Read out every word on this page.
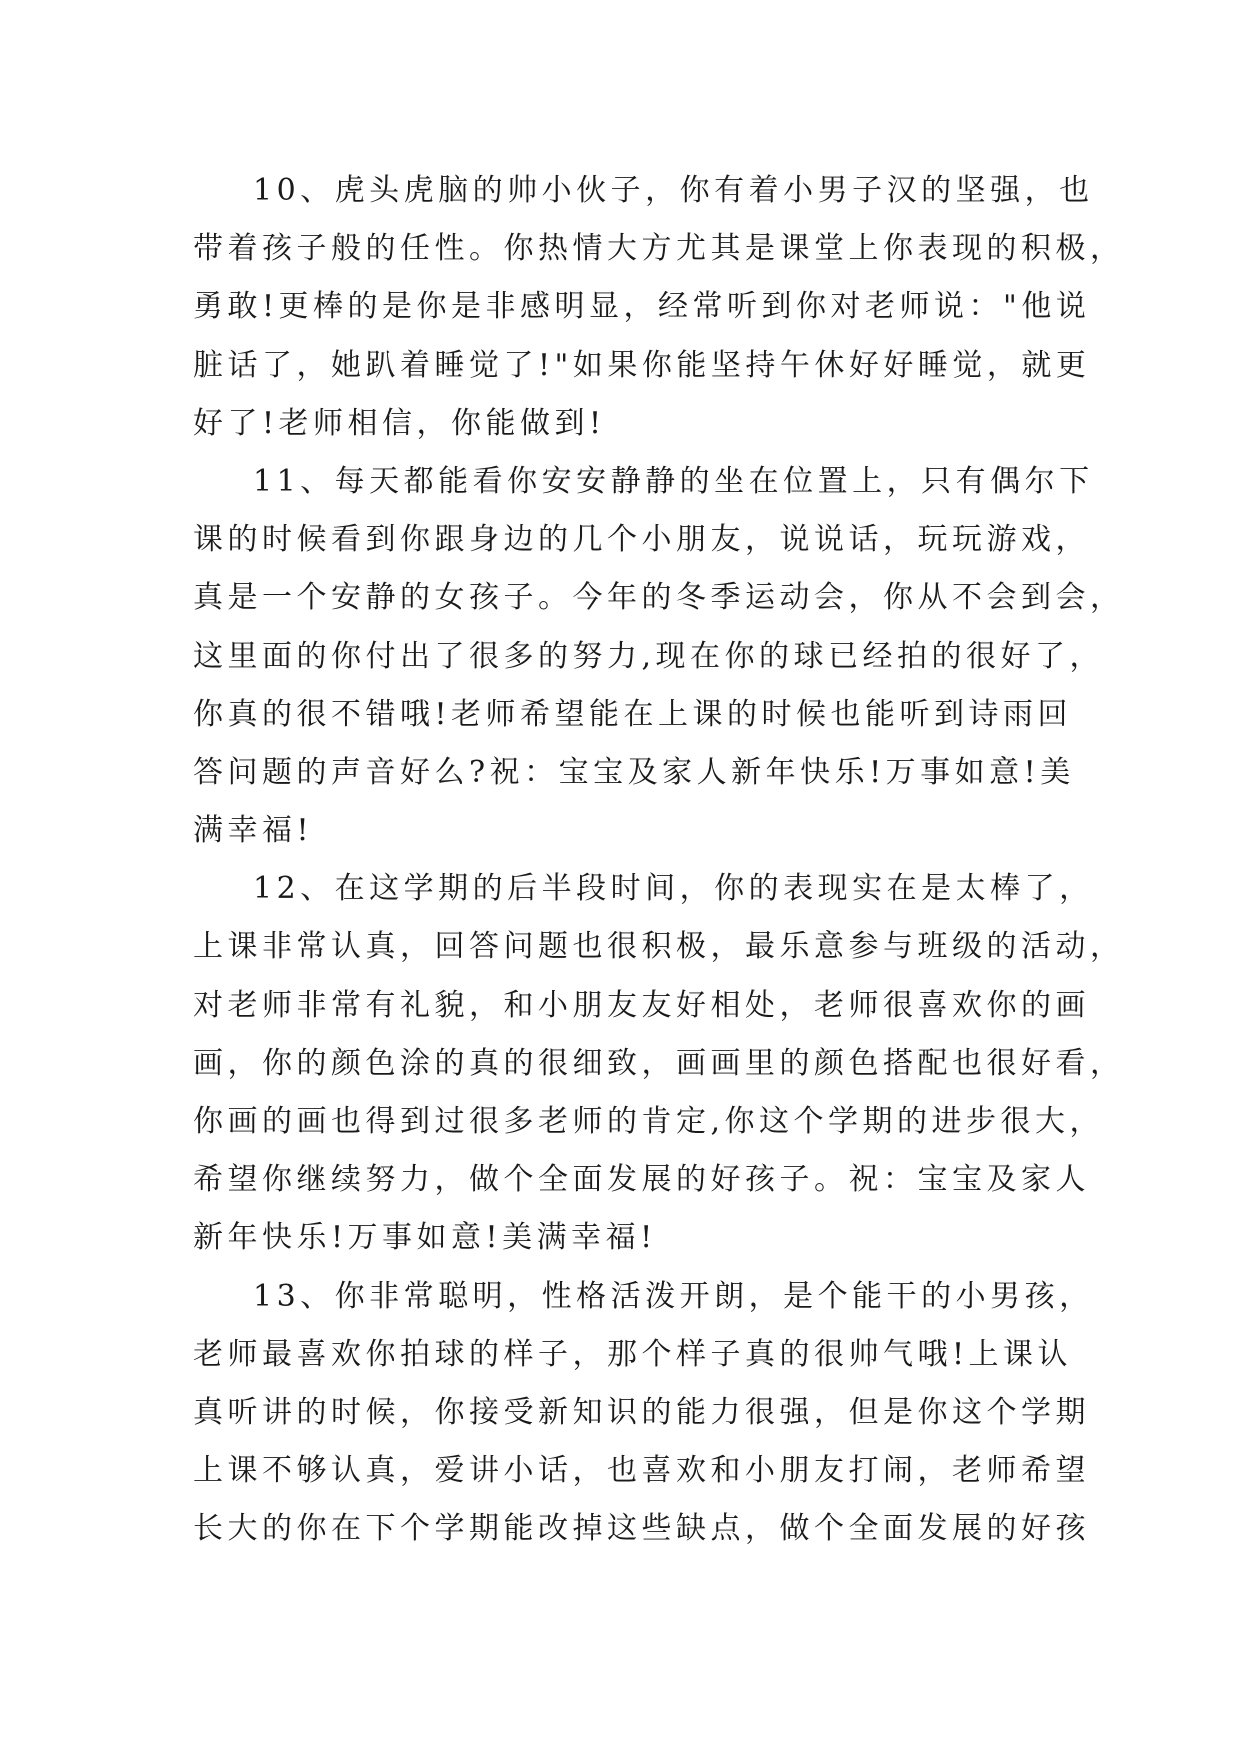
10、虎头虎脑的帅小伙子，你有着小男子汉的坚强，也
带着孩子般的任性。你热情大方尤其是课堂上你表现的积极，
勇敢!更棒的是你是非感明显，经常听到你对老师说："他说
脏话了，她趴着睡觉了!"如果你能坚持午休好好睡觉，就更
好了!老师相信，你能做到!

11、每天都能看你安安静静的坐在位置上，只有偶尔下
课的时候看到你跟身边的几个小朋友，说说话，玩玩游戏，
真是一个安静的女孩子。今年的冬季运动会，你从不会到会，
这里面的你付出了很多的努力,现在你的球已经拍的很好了，
你真的很不错哦!老师希望能在上课的时候也能听到诗雨回
答问题的声音好么?祝：宝宝及家人新年快乐!万事如意!美
满幸福!

12、在这学期的后半段时间，你的表现实在是太棒了，
上课非常认真，回答问题也很积极，最乐意参与班级的活动，
对老师非常有礼貌，和小朋友友好相处，老师很喜欢你的画
画，你的颜色涂的真的很细致，画画里的颜色搭配也很好看，
你画的画也得到过很多老师的肯定,你这个学期的进步很大，
希望你继续努力，做个全面发展的好孩子。祝：宝宝及家人
新年快乐!万事如意!美满幸福!

13、你非常聪明，性格活泼开朗，是个能干的小男孩，
老师最喜欢你拍球的样子，那个样子真的很帅气哦!上课认
真听讲的时候，你接受新知识的能力很强，但是你这个学期
上课不够认真，爱讲小话，也喜欢和小朋友打闹，老师希望
长大的你在下个学期能改掉这些缺点，做个全面发展的好孩
